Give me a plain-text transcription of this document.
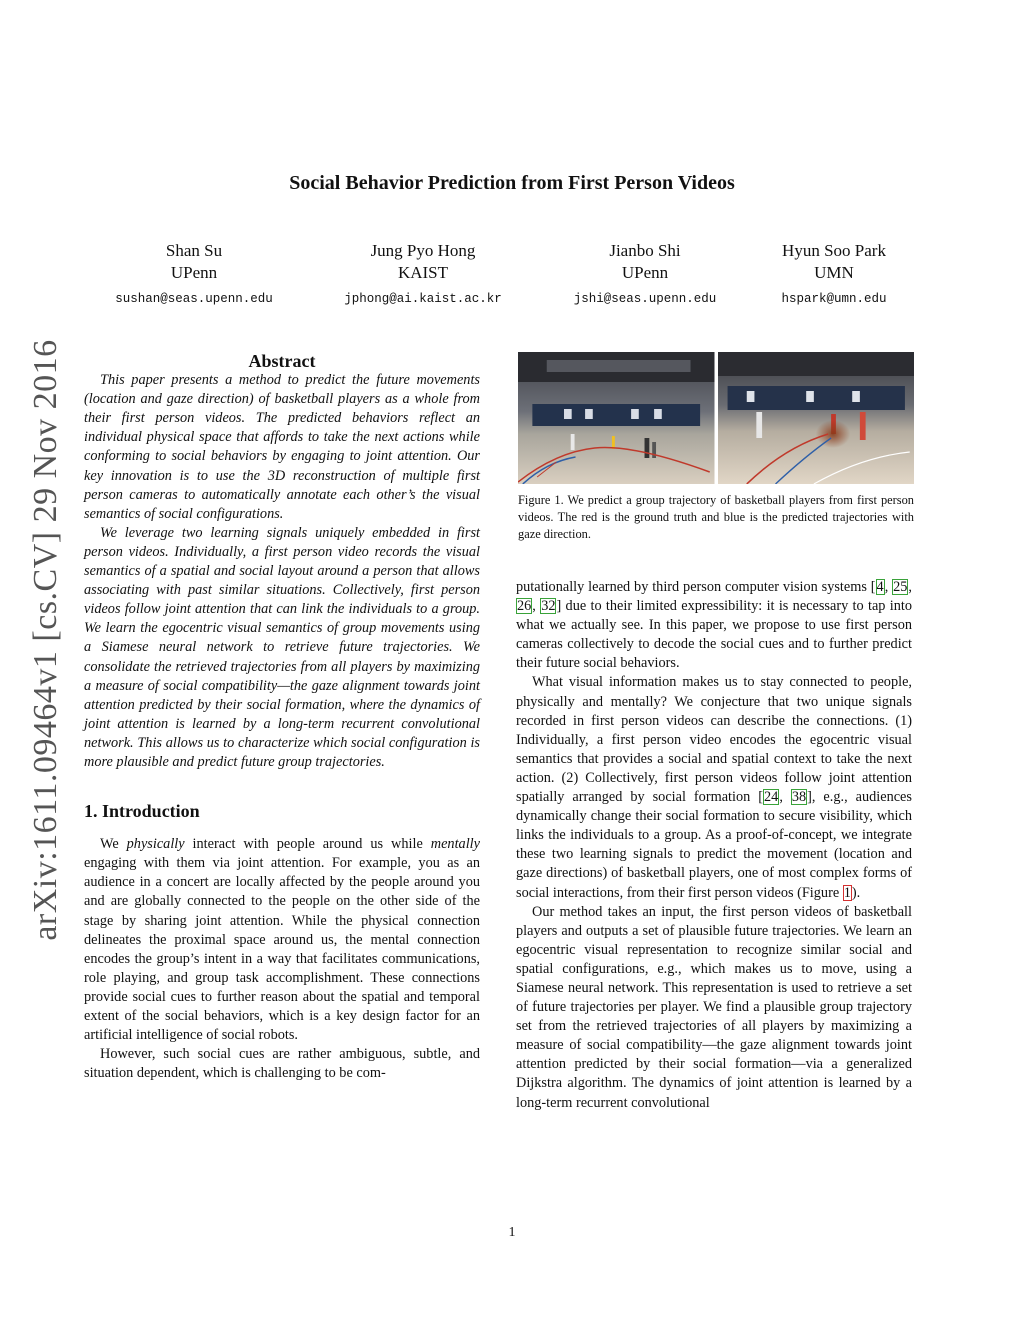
Social Behavior Prediction from First Person Videos
Shan Su
UPenn
sushan@seas.upenn.edu
Jung Pyo Hong
KAIST
jphong@ai.kaist.ac.kr
Jianbo Shi
UPenn
jshi@seas.upenn.edu
Hyun Soo Park
UMN
hspark@umn.edu
arXiv:1611.09464v1 [cs.CV] 29 Nov 2016	Abstract

This paper presents a method to predict the future movements (location and gaze direction) of basketball players as a whole from their first person videos. The predicted behaviors reflect an individual physical space that affords to take the next actions while conforming to social behaviors by engaging to joint attention. Our key innovation is to use the 3D reconstruction of multiple first person cameras to automatically annotate each other’s the visual semantics of social configurations.

We leverage two learning signals uniquely embedded in first person videos. Individually, a first person video records the visual semantics of a spatial and social layout around a person that allows associating with past similar situations. Collectively, first person videos follow joint attention that can link the individuals to a group. We learn the egocentric visual semantics of group movements using a Siamese neural network to retrieve future trajectories. We consolidate the retrieved trajectories from all players by maximizing a measure of social compatibility—the gaze alignment towards joint attention predicted by their social formation, where the dynamics of joint attention is learned by a long-term recurrent convolutional network. This allows us to characterize which social configuration is more plausible and predict future group trajectories.

1. Introduction

We physically interact with people around us while mentally engaging with them via joint attention. For example, you as an audience in a concert are locally affected by the people around you and are globally connected to the people on the other side of the stage by sharing joint attention. While the physical connection delineates the proximal space around us, the mental connection encodes the group’s intent in a way that facilitates communications, role playing, and group task accomplishment. These connections provide social cues to further reason about the spatial and temporal extent of the social behaviors, which is a key design factor for an artificial intelligence of social robots.

However, such social cues are rather ambiguous, subtle, and situation dependent, which is challenging to be com-

Figure 1. We predict a group trajectory of basketball players from first person videos. The red is the ground truth and blue is the predicted trajectories with gaze direction.

putationally learned by third person computer vision systems [4, 25, 26, 32] due to their limited expressibility: it is necessary to tap into what we actually see. In this paper, we propose to use first person cameras collectively to decode the social cues and to further predict their future social behaviors.

What visual information makes us to stay connected to people, physically and mentally? We conjecture that two unique signals recorded in first person videos can describe the connections. (1) Individually, a first person video encodes the egocentric visual semantics that provides a social and spatial context to take the next action. (2) Collectively, first person videos follow joint attention spatially arranged by social formation [24, 38], e.g., audiences dynamically change their social formation to secure visibility, which links the individuals to a group. As a proof-of-concept, we integrate these two learning signals to predict the movement (location and gaze directions) of basketball players, one of most complex forms of social interactions, from their first person videos (Figure 1).

Our method takes an input, the first person videos of basketball players and outputs a set of plausible future trajectories. We learn an egocentric visual representation to recognize similar social and spatial configurations, e.g., which makes us to move, using a Siamese neural network. This representation is used to retrieve a set of future trajectories per player. We find a plausible group trajectory set from the retrieved trajectories of all players by maximizing a measure of social compatibility—the gaze alignment towards joint attention predicted by their social formation—via a generalized Dijkstra algorithm. The dynamics of joint attention is learned by a long-term recurrent convolutional

1
